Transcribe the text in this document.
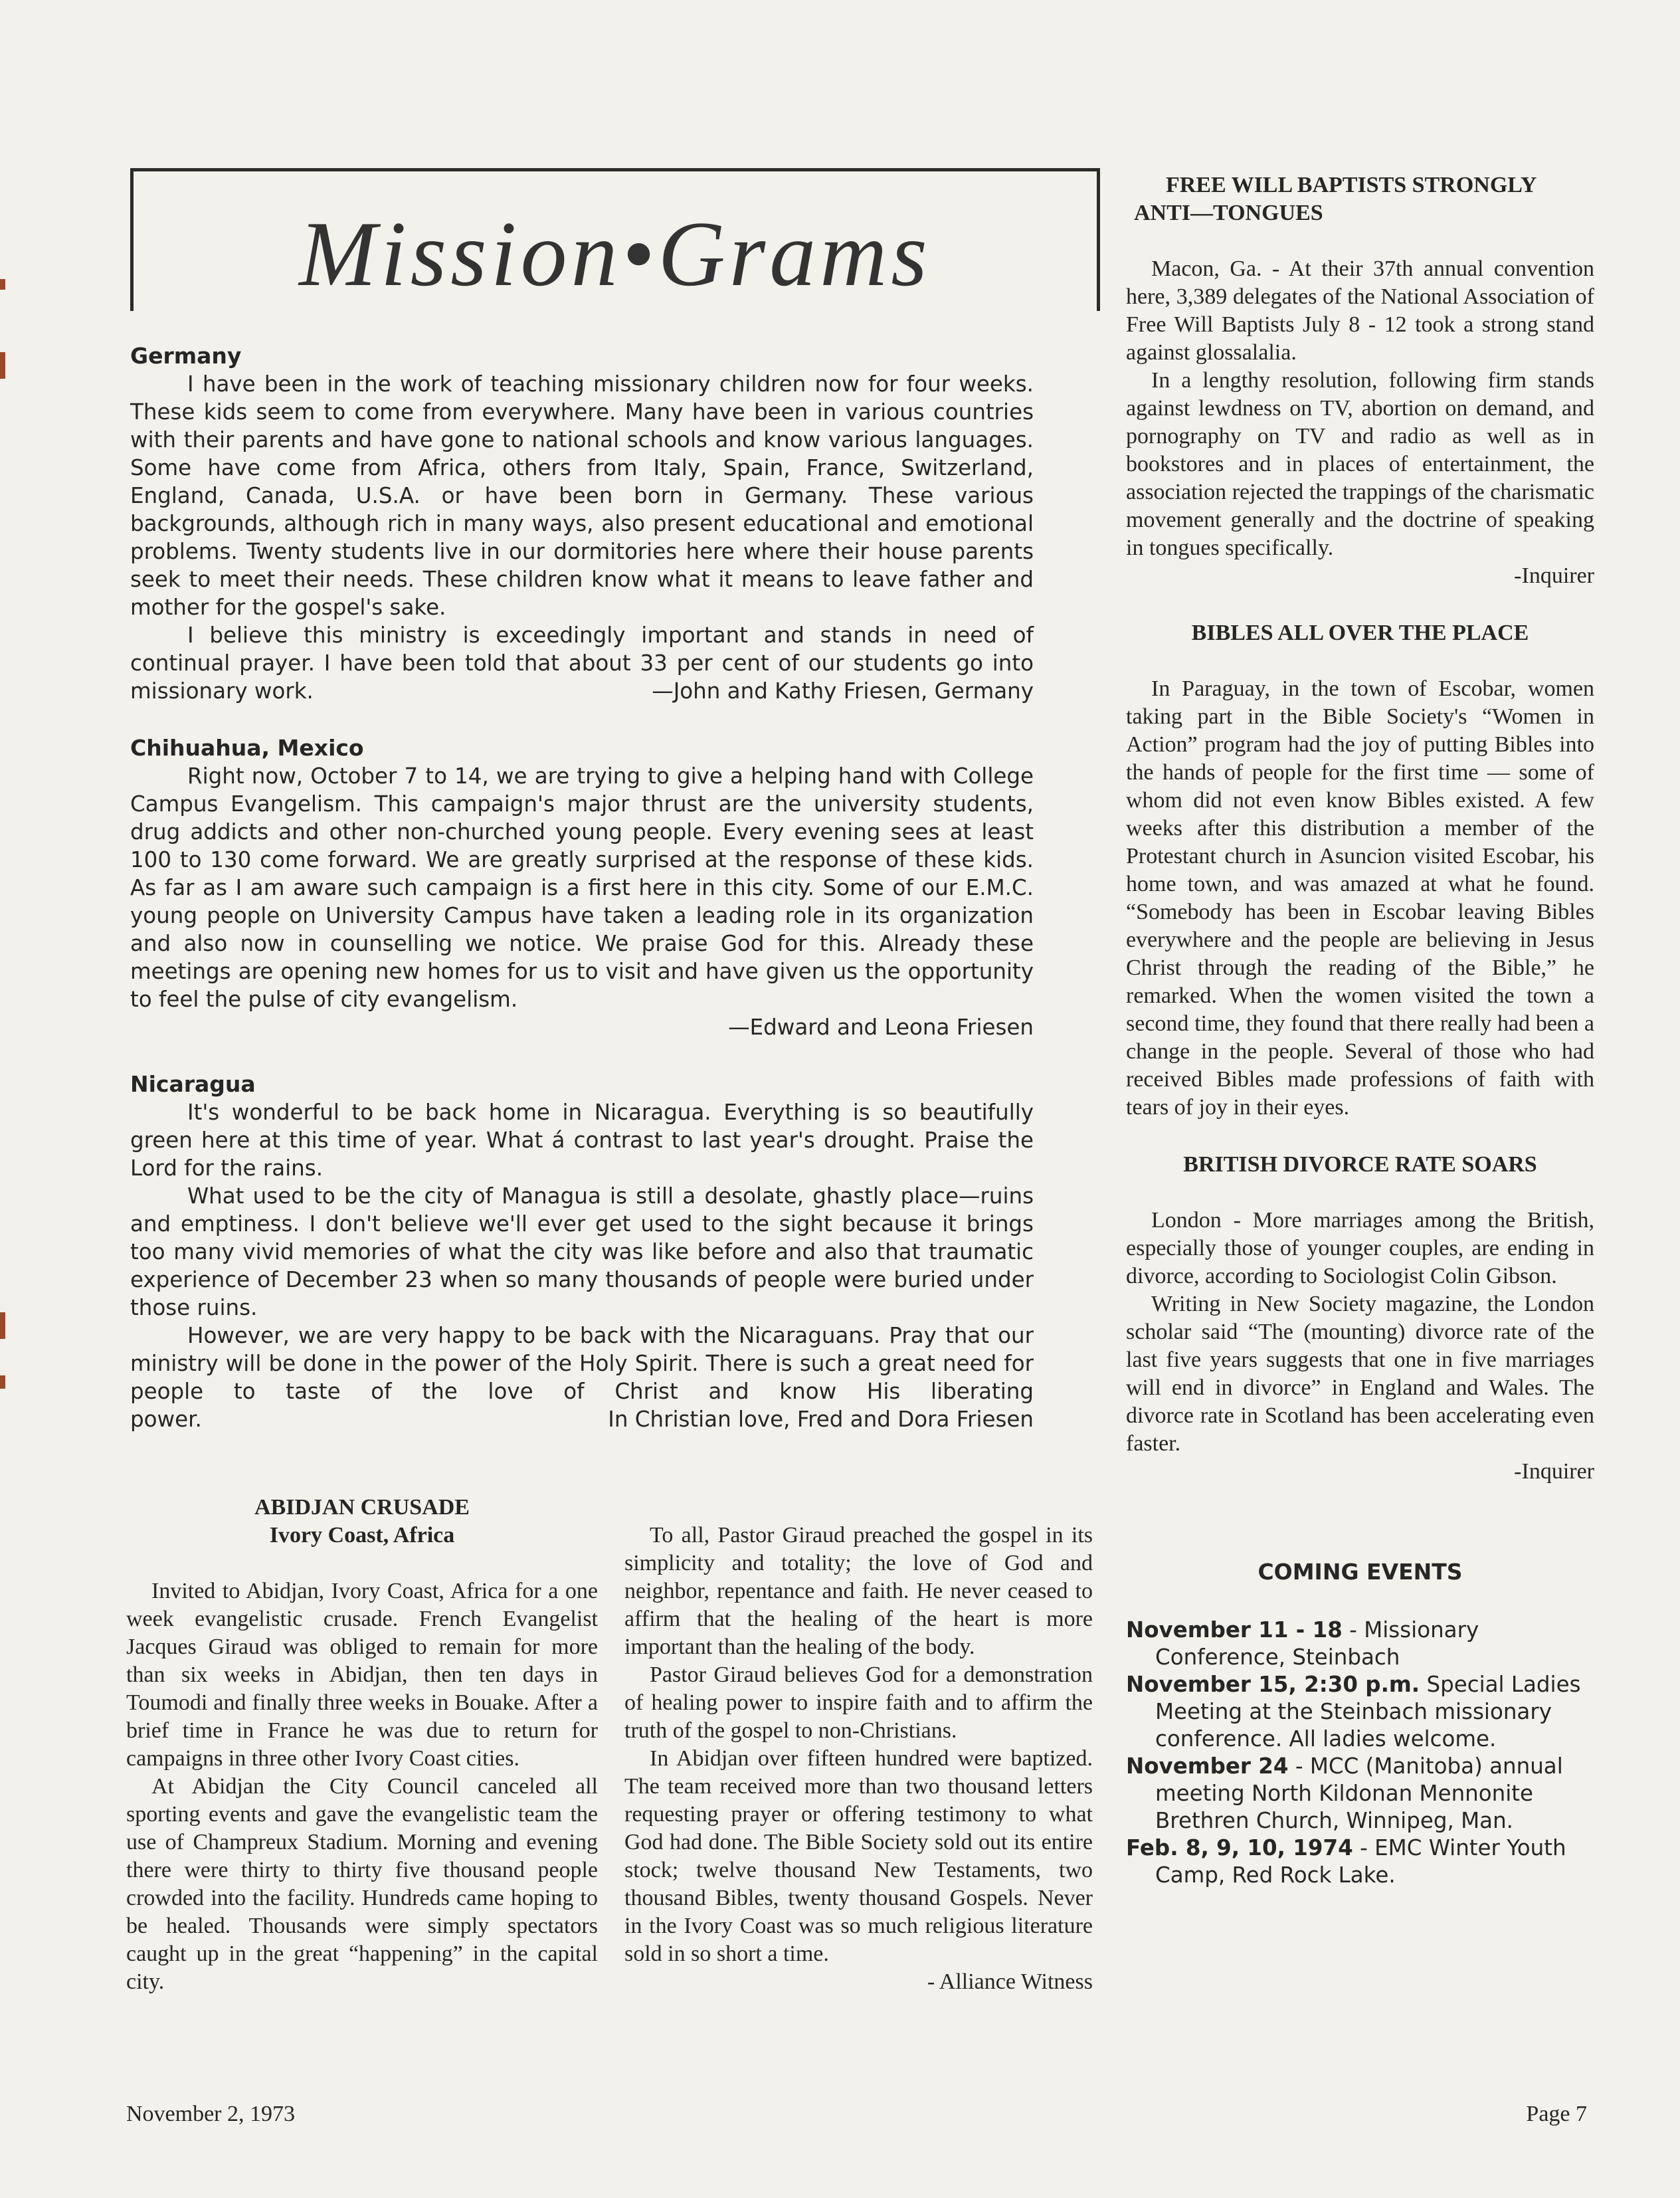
Mission•Grams

Germany

I have been in the work of teaching missionary children now for four weeks. These kids seem to come from everywhere. Many have been in various countries with their parents and have gone to national schools and know various languages. Some have come from Africa, others from Italy, Spain, France, Switzerland, England, Canada, U.S.A. or have been born in Germany. These various backgrounds, although rich in many ways, also present educational and emotional problems. Twenty students live in our dormitories here where their house parents seek to meet their needs. These children know what it means to leave father and mother for the gospel's sake.

I believe this ministry is exceedingly important and stands in need of continual prayer. I have been told that about 33 per cent of our students go into

missionary work.	—John and Kathy Friesen, Germany

Chihuahua, Mexico

Right now, October 7 to 14, we are trying to give a helping hand with College Campus Evangelism. This campaign's major thrust are the university students, drug addicts and other non-churched young people. Every evening sees at least 100 to 130 come forward. We are greatly surprised at the response of these kids. As far as I am aware such campaign is a first here in this city. Some of our E.M.C. young people on University Campus have taken a leading role in its organization and also now in counselling we notice. We praise God for this. Already these meetings are opening new homes for us to visit and have given us the opportunity to feel the pulse of city evangelism.

—Edward and Leona Friesen

Nicaragua

It's wonderful to be back home in Nicaragua. Everything is so beautifully green here at this time of year. What á contrast to last year's drought. Praise the Lord for the rains.

What used to be the city of Managua is still a desolate, ghastly place—ruins and emptiness. I don't believe we'll ever get used to the sight because it brings too many vivid memories of what the city was like before and also that traumatic experience of December 23 when so many thousands of people were buried under those ruins.

However, we are very happy to be back with the Nicaraguans. Pray that our ministry will be done in the power of the Holy Spirit. There is such a great need for people to taste of the love of Christ and know His liberating

power.	In Christian love, Fred and Dora Friesen

ABIDJAN CRUSADE

Ivory Coast, Africa

Invited to Abidjan, Ivory Coast, Africa for a one week evangelistic crusade. French Evangelist Jacques Giraud was obliged to remain for more than six weeks in Abidjan, then ten days in Toumodi and finally three weeks in Bouake. After a brief time in France he was due to return for campaigns in three other Ivory Coast cities.

At Abidjan the City Council canceled all sporting events and gave the evangelistic team the use of Champreux Stadium. Morning and evening there were thirty to thirty five thousand people crowded into the facility. Hundreds came hoping to be healed. Thousands were simply spectators caught up in the great “happening” in the capital city.

To all, Pastor Giraud preached the gospel in its simplicity and totality; the love of God and neighbor, repentance and faith. He never ceased to affirm that the healing of the heart is more important than the healing of the body.

Pastor Giraud believes God for a demonstration of healing power to inspire faith and to affirm the truth of the gospel to non-Christians.

In Abidjan over fifteen hundred were baptized. The team received more than two thousand letters requesting prayer or offering testimony to what God had done. The Bible Society sold out its entire stock; twelve thousand New Testaments, two thousand Bibles, twenty thousand Gospels. Never in the Ivory Coast was so much religious literature sold in so short a time.

- Alliance Witness

FREE WILL BAPTISTS STRONGLY ANTI—TONGUES

Macon, Ga. - At their 37th annual convention here, 3,389 delegates of the National Association of Free Will Baptists July 8 - 12 took a strong stand against glossalalia.

In a lengthy resolution, following firm stands against lewdness on TV, abortion on demand, and pornography on TV and radio as well as in bookstores and in places of entertainment, the association rejected the trappings of the charismatic movement generally and the doctrine of speaking in tongues specifically.

-Inquirer

BIBLES ALL OVER THE PLACE

In Paraguay, in the town of Escobar, women taking part in the Bible Society's “Women in Action” program had the joy of putting Bibles into the hands of people for the first time — some of whom did not even know Bibles existed. A few weeks after this distribution a member of the Protestant church in Asuncion visited Escobar, his home town, and was amazed at what he found. “Somebody has been in Escobar leaving Bibles everywhere and the people are believing in Jesus Christ through the reading of the Bible,” he remarked. When the women visited the town a second time, they found that there really had been a change in the people. Several of those who had received Bibles made professions of faith with tears of joy in their eyes.

BRITISH DIVORCE RATE SOARS

London - More marriages among the British, especially those of younger couples, are ending in divorce, according to Sociologist Colin Gibson.

Writing in New Society magazine, the London scholar said “The (mounting) divorce rate of the last five years suggests that one in five marriages will end in divorce” in England and Wales. The divorce rate in Scotland has been accelerating even faster.

-Inquirer

COMING EVENTS

November 11 - 18 - Missionary Conference, Steinbach

November 15, 2:30 p.m. Special Ladies Meeting at the Steinbach missionary conference. All ladies welcome.

November 24 - MCC (Manitoba) annual meeting North Kildonan Mennonite Brethren Church, Winnipeg, Man.

Feb. 8, 9, 10, 1974 - EMC Winter Youth Camp, Red Rock Lake.

November 2, 1973	Page 7
